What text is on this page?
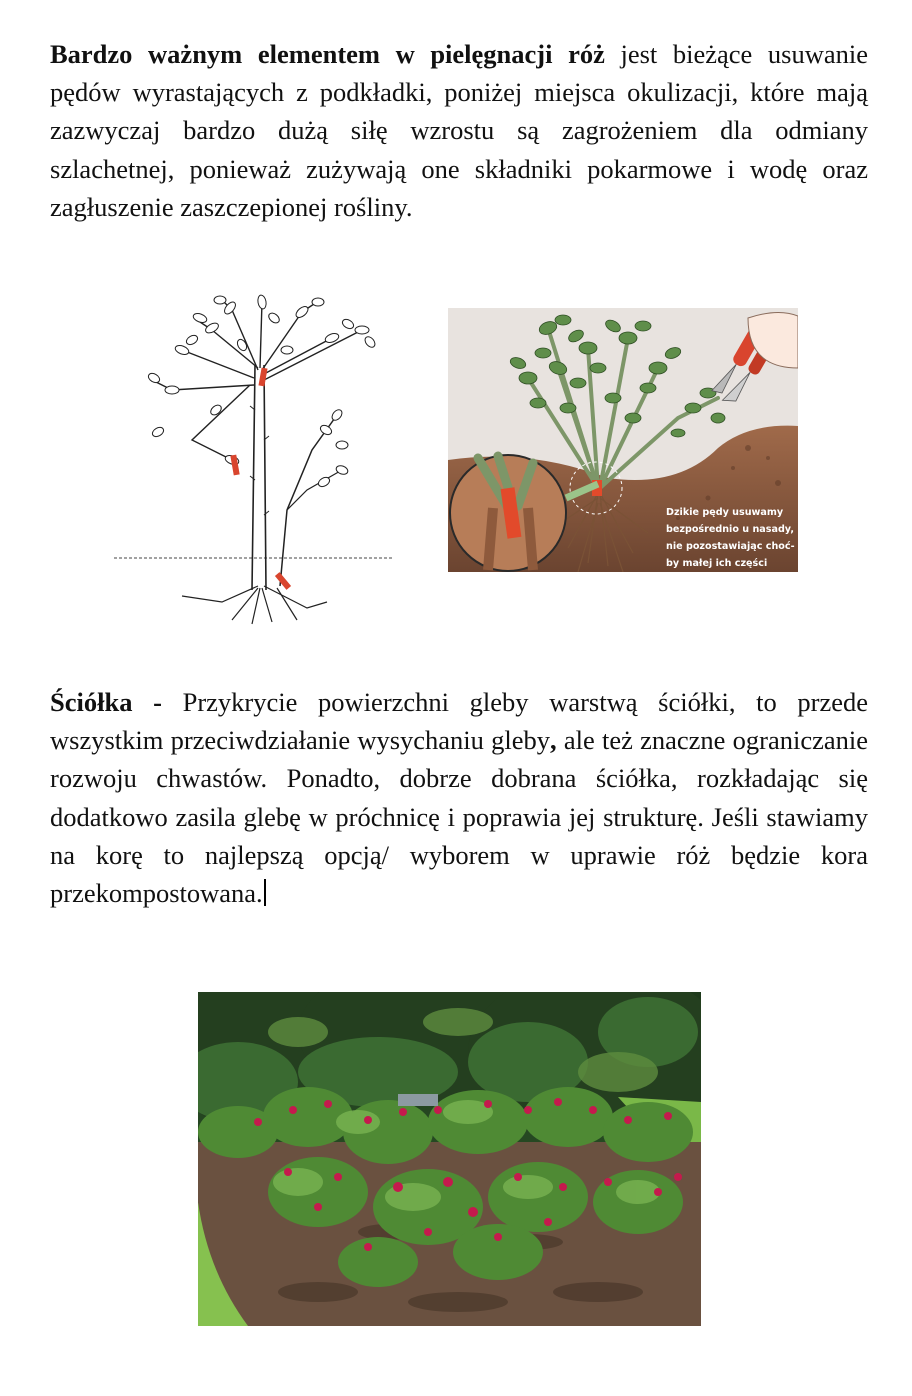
Bardzo ważnym elementem w pielęgnacji róż jest bieżące usuwanie pędów wyrastających z podkładki, poniżej miejsca okulizacji, które mają zazwyczaj bardzo dużą siłę wzrostu są zagrożeniem dla odmiany szlachetnej, ponieważ zużywają one składniki pokarmowe i wodę oraz zagłuszenie zaszczepionej rośliny.

Dzikie pędy usuwamy
bezpośrednio u nasady,
nie pozostawiając choć-
by małej ich części

Ściółka - Przykrycie powierzchni gleby warstwą ściółki, to przede wszystkim przeciwdziałanie wysychaniu gleby, ale też znaczne ograniczanie rozwoju chwastów. Ponadto, dobrze dobrana ściółka, rozkładając się dodatkowo zasila glebę w próchnicę i poprawia jej strukturę. Jeśli stawiamy na korę to najlepszą opcją/ wyborem w uprawie róż będzie kora przekompostowana.
